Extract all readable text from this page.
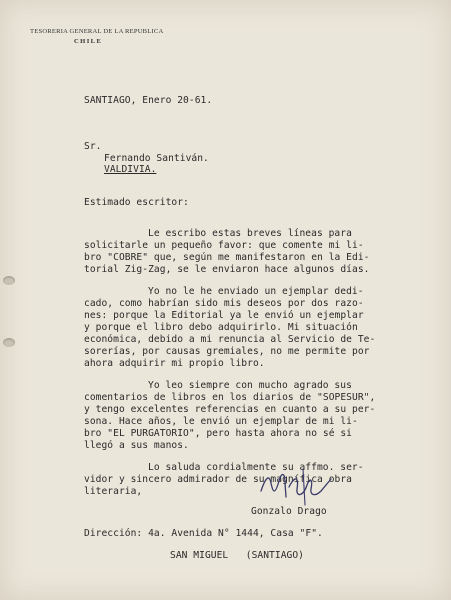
TESORERIA GENERAL DE LA REPUBLICA
CHILE
SANTIAGO, Enero 20-61.
Sr.
Fernando Santiván.
VALDIVIA.
Estimado escritor:
Le escribo estas breves líneas para
solicitarle un pequeño favor: que comente mi li-
bro "COBRE" que, según me manifestaron en la Edi-
torial Zig-Zag, se le enviaron hace algunos días.
Yo no le he enviado un ejemplar dedi-
cado, como habrían sido mis deseos por dos razo-
nes: porque la Editorial ya le envió un ejemplar
y porque el libro debo adquirirlo. Mi situación
económica, debido a mi renuncia al Servicio de Te-
sorerías, por causas gremiales, no me permite por
ahora adquirir mi propio libro.
Yo leo siempre con mucho agrado sus
comentarios de libros en los diarios de "SOPESUR",
y tengo excelentes referencias en cuanto a su per-
sona. Hace años, le envió un ejemplar de mi li-
bro "EL PURGATORIO", pero hasta ahora no sé si
llegó a sus manos.
Lo saluda cordialmente su affmo. ser-
vidor y sincero admirador de su magnífica obra
literaria,
Gonzalo Drago
Dirección: 4a. Avenida N° 1444, Casa "F".
SAN MIGUEL   (SANTIAGO)
